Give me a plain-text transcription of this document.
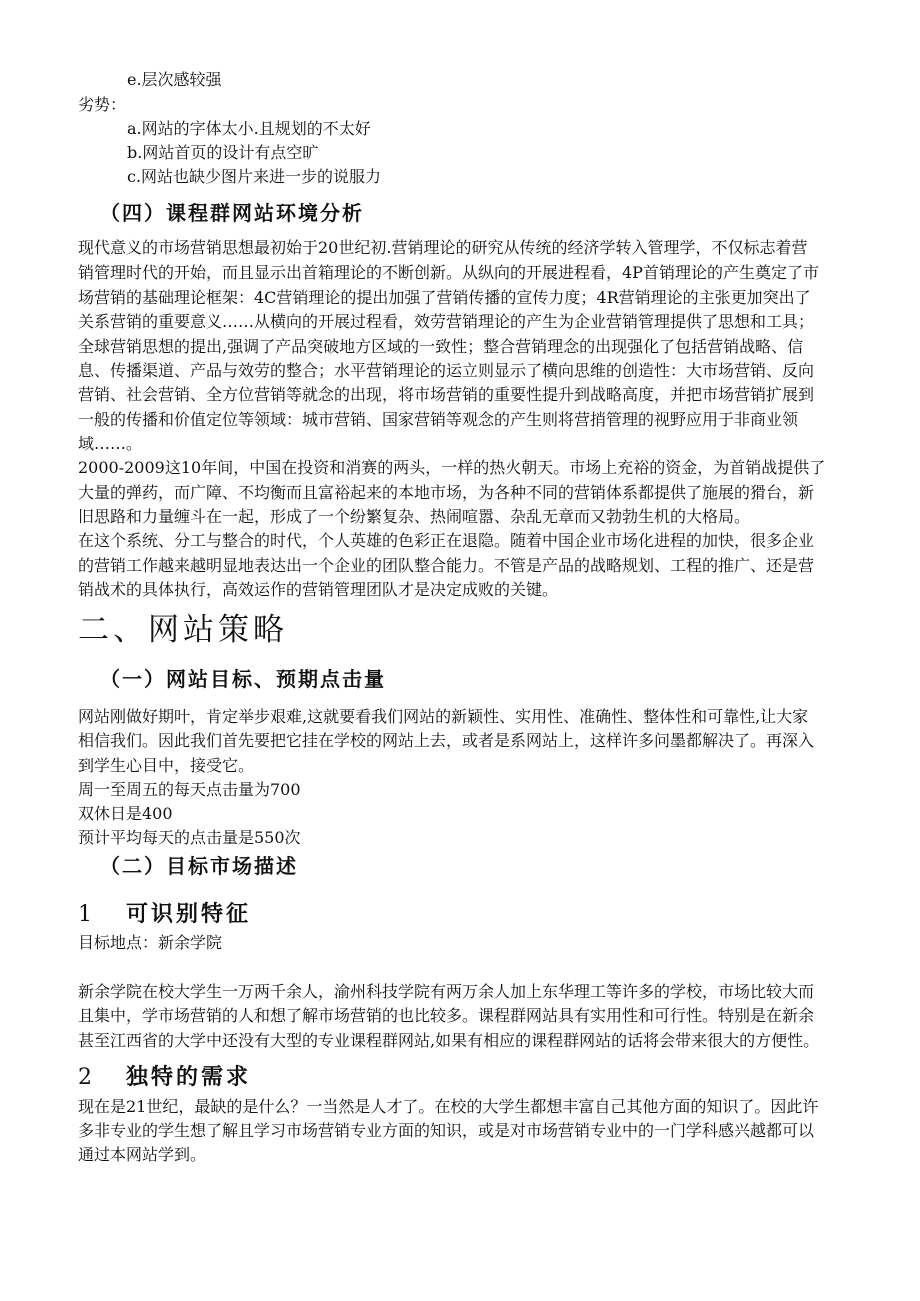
e.层次感较强
劣势：
a.网站的字体太小.且规划的不太好
b.网站首页的设计有点空旷
c.网站也缺少图片来进一步的说服力
（四）课程群网站环境分析
现代意义的市场营销思想最初始于20世纪初.营销理论的研究从传统的经济学转入管理学，不仅标志着营
销管理时代的开始，而且显示出首箱理论的不断创新。从纵向的开展进程看，4P首销理论的产生奠定了市
场营销的基础理论框架：4C营销理论的提出加强了营销传播的宣传力度；4R营销理论的主张更加突出了
关系营销的重要意义……从横向的开展过程看，效劳营销理论的产生为企业营销管理提供了思想和工具；
全球营销思想的提出,强调了产品突破地方区域的一致性；整合营销理念的出现强化了包括营销战略、信
息、传播渠道、产品与效劳的整合；水平营销理论的运立则显示了横向思维的创造性：大市场营销、反向
营销、社会营销、全方位营销等就念的出现，将市场营销的重要性提升到战略高度，并把市场营销扩展到
一般的传播和价值定位等领域：城市营销、国家营销等观念的产生则将营捎管理的视野应用于非商业领
域……。
2000-2009这10年间，中国在投资和消赛的两头，一样的热火朝天。市场上充裕的资金，为首销战提供了
大量的弹药，而广障、不均衡而且富裕起来的本地市场，为各种不同的营销体系都提供了施展的猾台，新
旧思路和力量缠斗在一起，形成了一个纷繁复杂、热闹喧嚣、杂乱无章而又勃勃生机的大格局。
在这个系统、分工与整合的时代，个人英雄的色彩正在退隐。随着中国企业市场化进程的加快，很多企业
的营销工作越来越明显地表达出一个企业的团队整合能力。不管是产品的战略规划、工程的推广、还是营
销战术的具体执行，高效运作的营销管理团队才是决定成败的关键。
二、网站策略
（一）网站目标、预期点击量
网站刚做好期叶，肯定举步艰难,这就要看我们网站的新颖性、实用性、准确性、整体性和可靠性,让大家
相信我们。因此我们首先要把它挂在学校的网站上去，或者是系网站上，这样许多问墨都解决了。再深入
到学生心目中，接受它。
周一至周五的每天点击量为700
双休日是400
预计平均每天的点击量是550次
（二）目标市场描述
1 可识别特征
目标地点：新余学院
新余学院在校大学生一万两千余人，渝州科技学院有两万余人加上东华理工等许多的学校，市场比较大而
且集中，学市场营销的人和想了解市场营销的也比较多。课程群网站具有实用性和可行性。特别是在新余
甚至江西省的大学中还没有大型的专业课程群网站,如果有相应的课程群网站的话将会带来很大的方便性。
2 独特的需求
现在是21世纪，最缺的是什么？一当然是人才了。在校的大学生都想丰富自己其他方面的知识了。因此许
多非专业的学生想了解且学习市场营销专业方面的知识，或是对市场营销专业中的一门学科感兴越都可以
通过本网站学到。
